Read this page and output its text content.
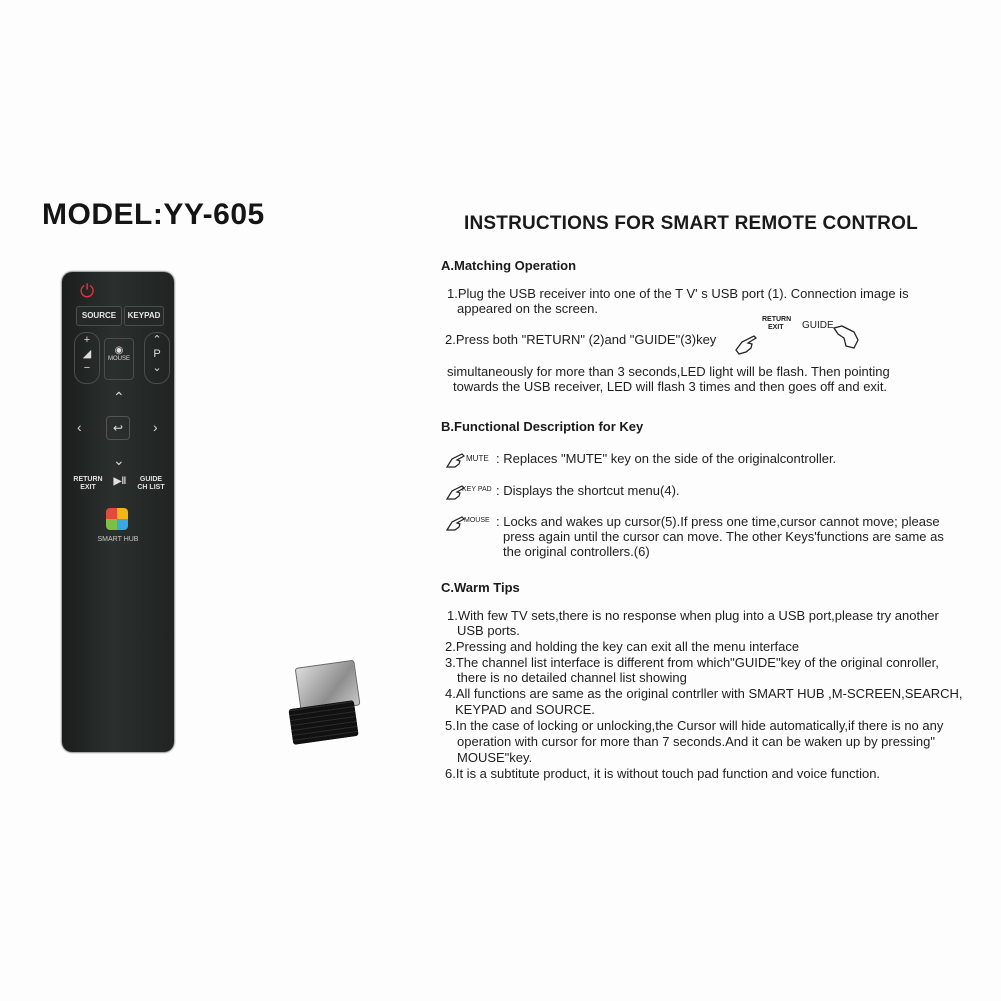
MODEL:YY-605
⏻
SOURCE	KEYPAD
+
◢
−
◉
MOUSE
⌃
P
⌄
⌃
‹	↩	›
⌄
RETURN
EXIT
▶‖	GUIDE
CH LIST
SMART HUB
INSTRUCTIONS FOR SMART REMOTE CONTROL
A.Matching Operation
1.Plug the USB receiver into one of the T V' s USB port (1). Connection image is
appeared on the screen.
2.Press both "RETURN" (2)and "GUIDE"(3)key
RETURN
EXIT	GUIDE
simultaneously for more than 3 seconds,LED light will be flash. Then pointing
towards the USB receiver, LED will flash 3 times and then goes off and exit.
B.Functional Description for Key
MUTE : Replaces "MUTE" key on the side of the originalcontroller.
KEY PAD : Displays the shortcut menu(4).
MOUSE : Locks and wakes up cursor(5).If press one time,cursor cannot move; please
press again until the cursor can move. The other Keys'functions are same as
the original controllers.(6)
C.Warm Tips
1.With few TV sets,there is no response when plug into a USB port,please try another
USB ports.
2.Pressing and holding the key can exit all the menu interface
3.The channel list interface is different from which"GUIDE"key of the original conroller,
there is no detailed channel list showing
4.All functions are same as the original contrller with SMART HUB ,M-SCREEN,SEARCH,
KEYPAD and SOURCE.
5.In the case of locking or unlocking,the Cursor will hide automatically,if there is no any
operation with cursor for more than 7 seconds.And it can be waken up by pressing"
MOUSE"key.
6.It is a subtitute product, it is without touch pad function and voice function.
